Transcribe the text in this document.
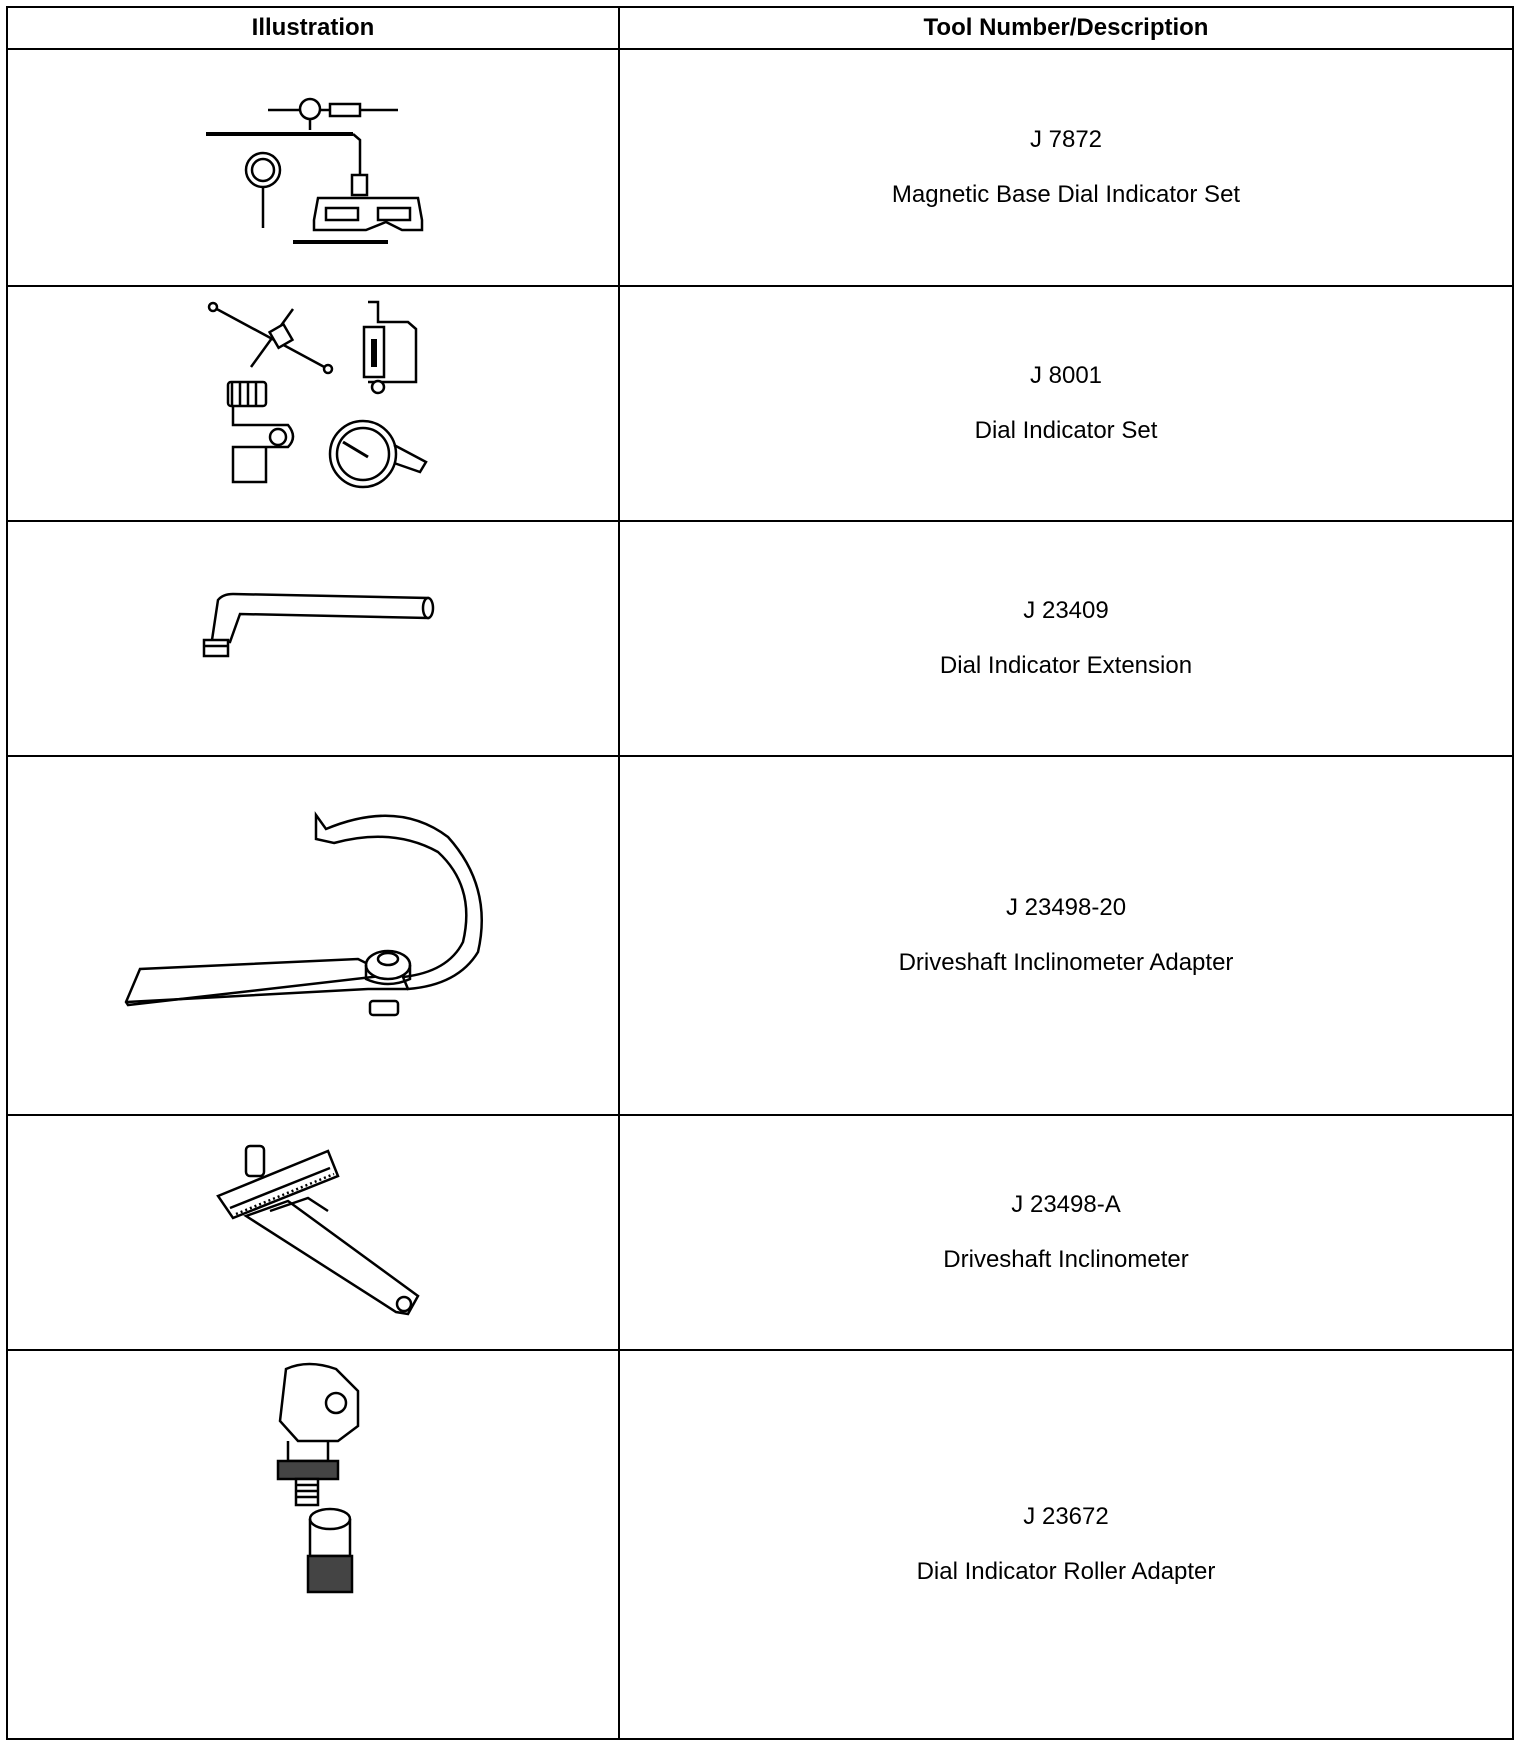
Illustration	Tool Number/Description
J 7872
Magnetic Base Dial Indicator Set
J 8001
Dial Indicator Set
J 23409
Dial Indicator Extension
J 23498-20
Driveshaft Inclinometer Adapter
J 23498-A
Driveshaft Inclinometer
J 23672
Dial Indicator Roller Adapter
